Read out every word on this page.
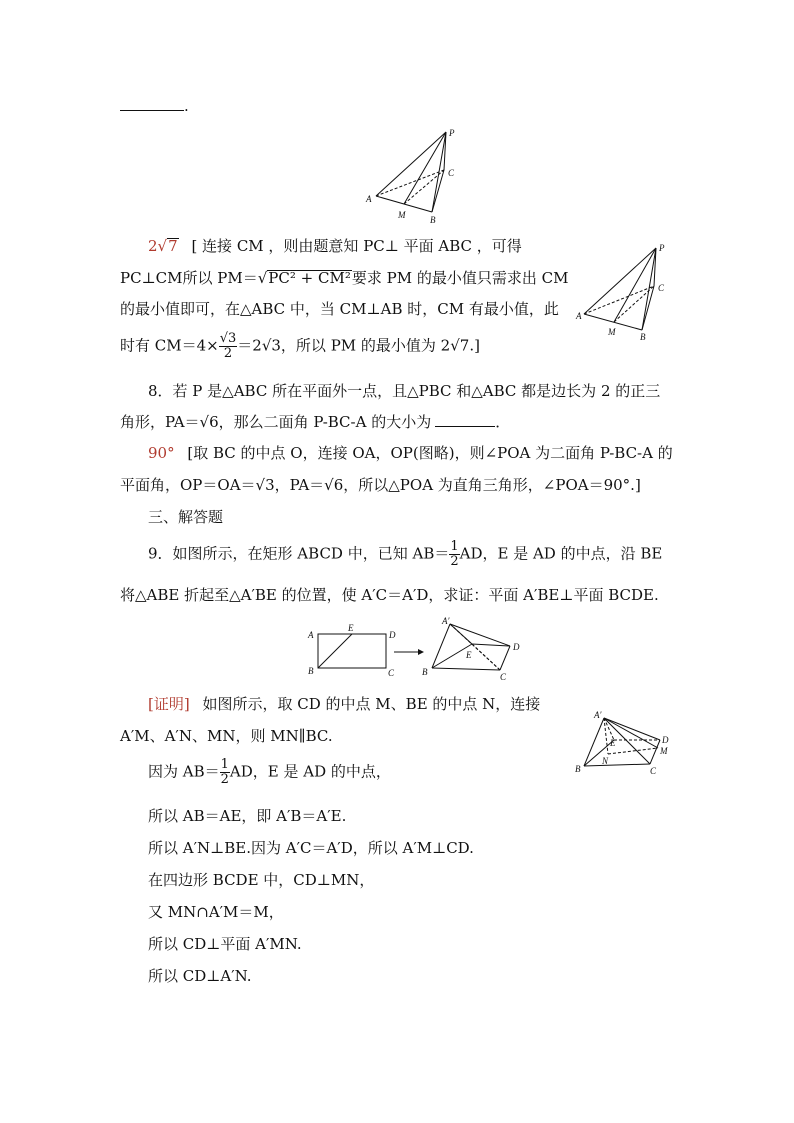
.
P
A
B
C
M
2√7 [ 连接 CM ，则由题意知 PC⊥ 平面 ABC ，可得
PC⊥CM所以 PM＝√PC² + CM²要求 PM 的最小值只需求出 CM
的最小值即可，在△ABC 中，当 CM⊥AB 时，CM 有最小值，此
时有 $CM=4\times \frac{√3}{2} =2√3$，所以 PM 的最小值为 2√7.]
P
A
B
C
M
8．若 P 是△ABC 所在平面外一点，且△PBC 和△ABC 都是边长为 2 的正三
角形，PA＝√6，那么二面角 P-BC-A 的大小为	．
90° [取 BC 的中点 O，连接 OA，OP(图略)，则∠POA 为二面角 P-BC-A 的
平面角，OP＝OA＝√3，PA＝√6，所以△POA 为直角三角形，∠POA＝90°.]
三、解答题
9．如图所示，在矩形 ABCD 中，已知 $AB= \frac{1}{2}$ AD，E 是 AD 的中点，沿 BE
将△ABE 折起至△A′BE 的位置，使 A′C＝A′D，求证：平面 A′BE⊥平面 BCDE.
A
E
D
B	C
A′
E
D
B	C
[证明] 如图所示，取 CD 的中点 M、BE 的中点 N，连接
A′M、A′N、MN，则 MN∥BC.
因为 $AB= \frac{1}{2}$ AD，E 是 AD 的中点，
所以 AB＝AE，即 A′B＝A′E.
所以 A′N⊥BE.因为 A′C＝A′D，所以 A′M⊥CD.
在四边形 BCDE 中，CD⊥MN，
又 MN∩A′M＝M，
所以 CD⊥平面 A′MN.
所以 CD⊥A′N.
A′
E	D
M
N
B	C
